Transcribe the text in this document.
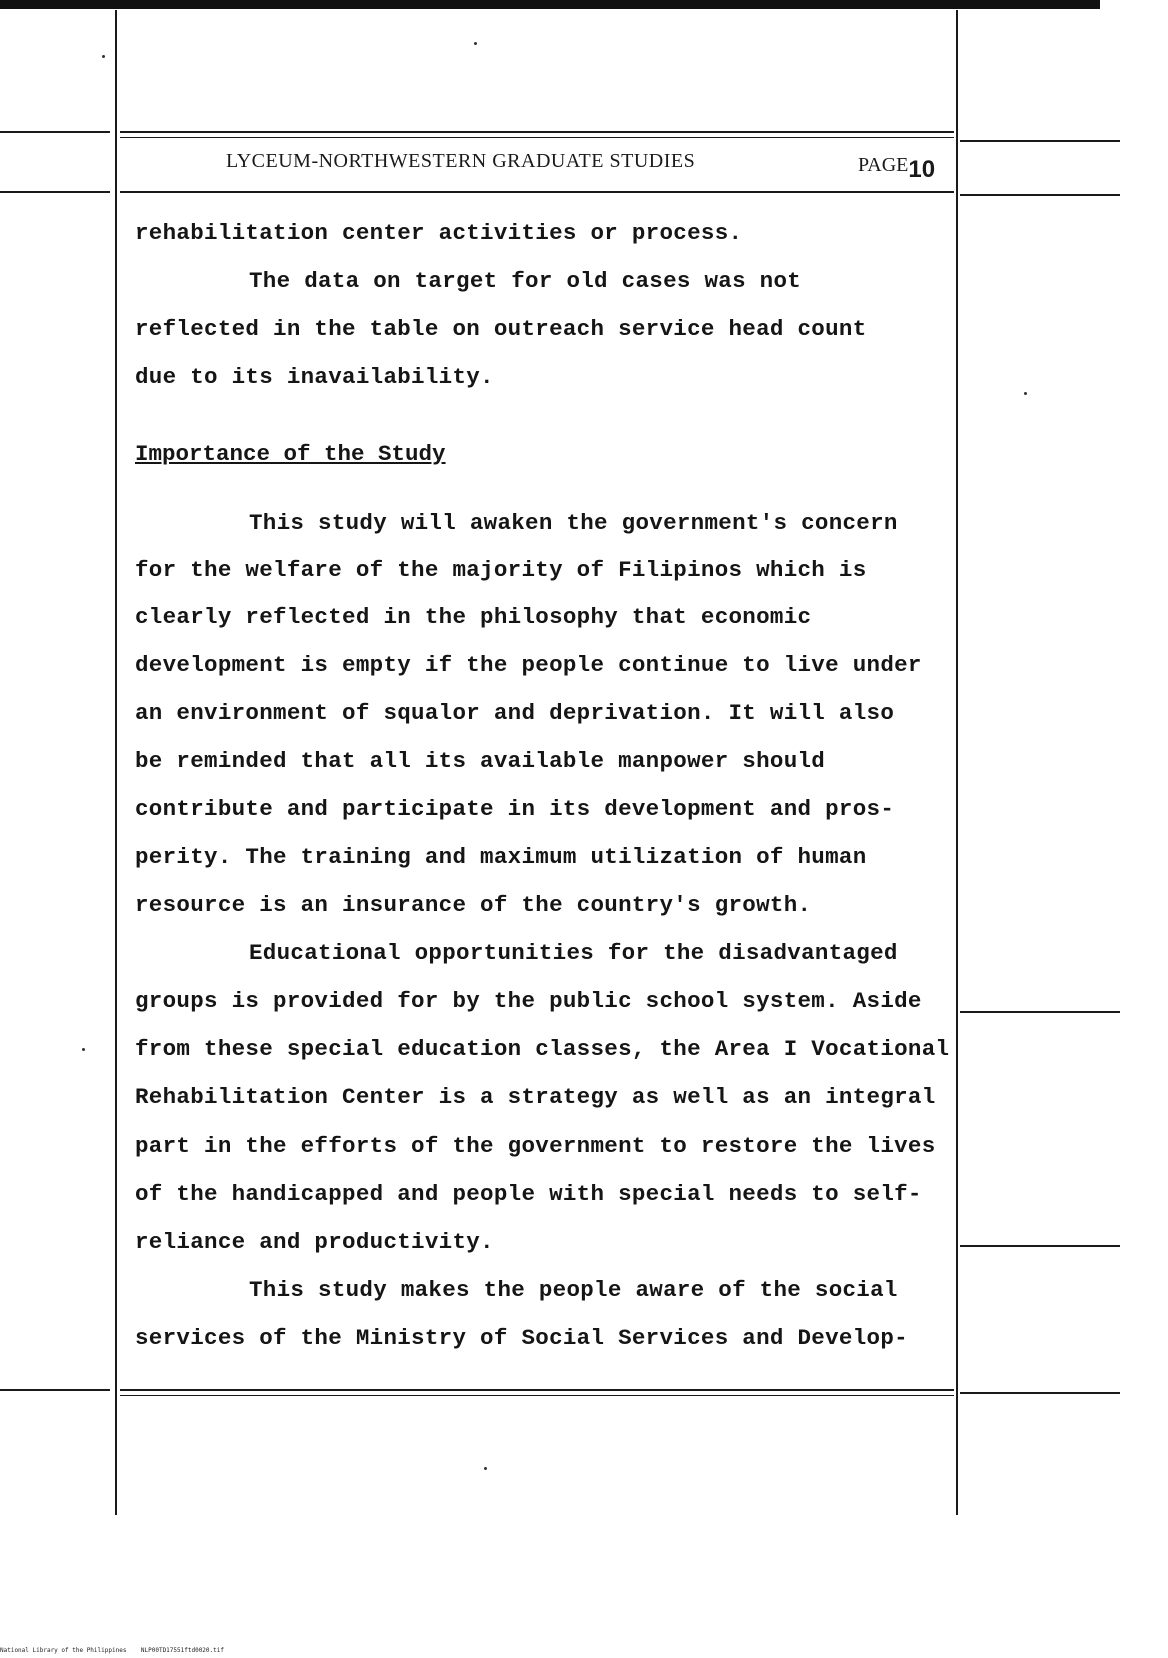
LYCEUM-NORTHWESTERN GRADUATE STUDIES	PAGE10
rehabilitation center activities or process.
The data on target for old cases was not
reflected in the table on outreach service head count
due to its inavailability.
Importance of the Study
This study will awaken the government's concern
for the welfare of the majority of Filipinos which is
clearly reflected in the philosophy that economic
development is empty if the people continue to live under
an environment of squalor and deprivation. It will also
be reminded that all its available manpower should
contribute and participate in its development and pros-
perity. The training and maximum utilization of human
resource is an insurance of the country's growth.
Educational opportunities for the disadvantaged
groups is provided for by the public school system. Aside
from these special education classes, the Area I Vocational
Rehabilitation Center is a strategy as well as an integral
part in the efforts of the government to restore the lives
of the handicapped and people with special needs to self-
reliance and productivity.
This study makes the people aware of the social
services of the Ministry of Social Services and Develop-
National Library of the Philippines NLP00TD17551ftd0020.tif
